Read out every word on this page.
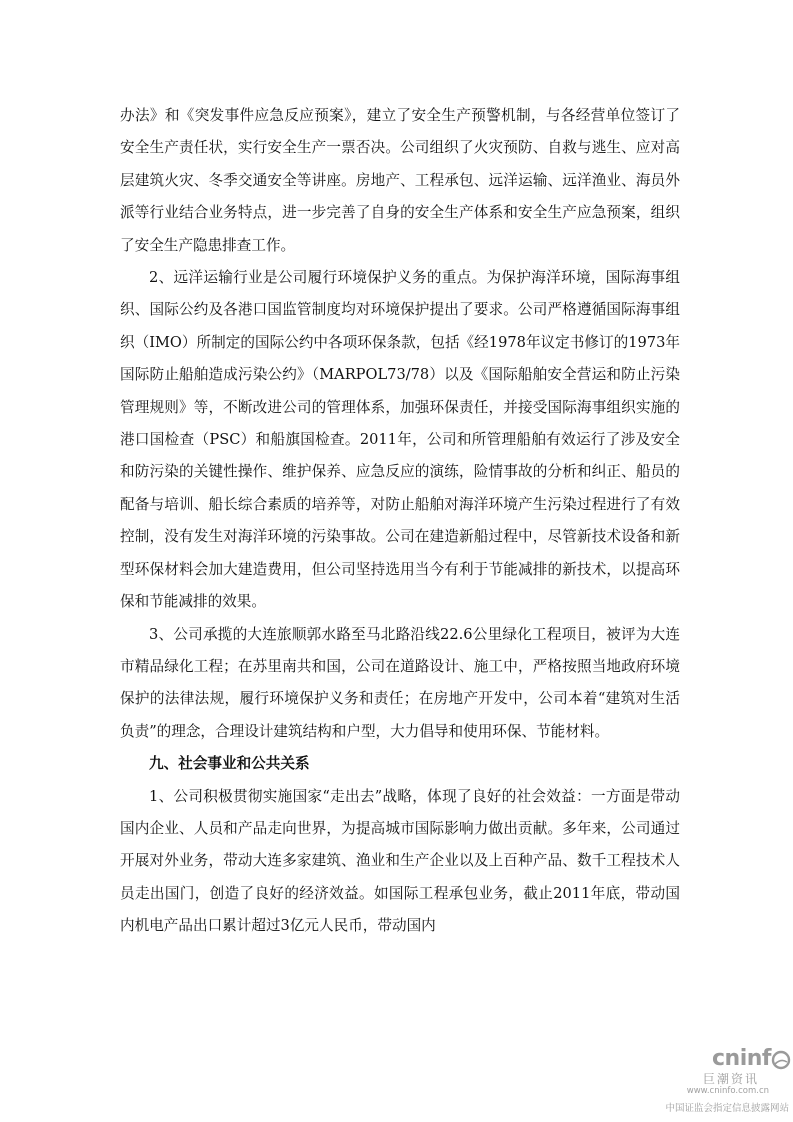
办法》和《突发事件应急反应预案》，建立了安全生产预警机制，与各经营单位签订了安全生产责任状，实行安全生产一票否决。公司组织了火灾预防、自救与逃生、应对高层建筑火灾、冬季交通安全等讲座。房地产、工程承包、远洋运输、远洋渔业、海员外派等行业结合业务特点，进一步完善了自身的安全生产体系和安全生产应急预案，组织了安全生产隐患排查工作。

2、远洋运输行业是公司履行环境保护义务的重点。为保护海洋环境，国际海事组织、国际公约及各港口国监管制度均对环境保护提出了要求。公司严格遵循国际海事组织（IMO）所制定的国际公约中各项环保条款，包括《经1978年议定书修订的1973年国际防止船舶造成污染公约》（MARPOL73/78）以及《国际船舶安全营运和防止污染管理规则》等，不断改进公司的管理体系，加强环保责任，并接受国际海事组织实施的港口国检查（PSC）和船旗国检查。2011年，公司和所管理船舶有效运行了涉及安全和防污染的关键性操作、维护保养、应急反应的演练，险情事故的分析和纠正、船员的配备与培训、船长综合素质的培养等，对防止船舶对海洋环境产生污染过程进行了有效控制，没有发生对海洋环境的污染事故。公司在建造新船过程中，尽管新技术设备和新型环保材料会加大建造费用，但公司坚持选用当今有利于节能减排的新技术，以提高环保和节能减排的效果。

3、公司承揽的大连旅顺郭水路至马北路沿线22.6公里绿化工程项目，被评为大连市精品绿化工程；在苏里南共和国，公司在道路设计、施工中，严格按照当地政府环境保护的法律法规，履行环境保护义务和责任；在房地产开发中，公司本着“建筑对生活负责”的理念，合理设计建筑结构和户型，大力倡导和使用环保、节能材料。

九、社会事业和公共关系

1、公司积极贯彻实施国家“走出去”战略，体现了良好的社会效益：一方面是带动国内企业、人员和产品走向世界，为提高城市国际影响力做出贡献。多年来，公司通过开展对外业务，带动大连多家建筑、渔业和生产企业以及上百种产品、数千工程技术人员走出国门，创造了良好的经济效益。如国际工程承包业务，截止2011年底，带动国内机电产品出口累计超过3亿元人民币，带动国内

cninf
巨潮资讯
www.cninfo.com.cn
中国证监会指定信息披露网站
